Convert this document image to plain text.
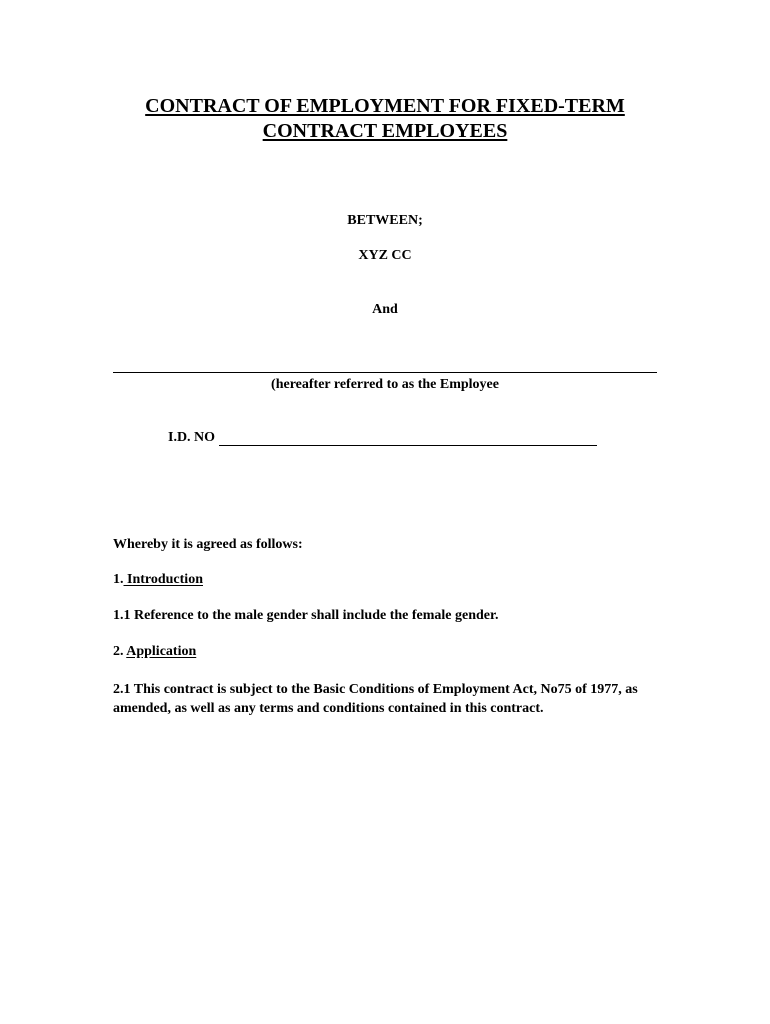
CONTRACT OF EMPLOYMENT FOR FIXED-TERM
CONTRACT EMPLOYEES
BETWEEN;
XYZ CC
And
(hereafter referred to as the Employee
I.D. NO
Whereby it is agreed as follows:
1. Introduction
1.1 Reference to the male gender shall include the female gender.
2. Application
2.1 This contract is subject to the Basic Conditions of Employment Act, No75 of 1977, as amended, as well as any terms and conditions contained in this contract.
